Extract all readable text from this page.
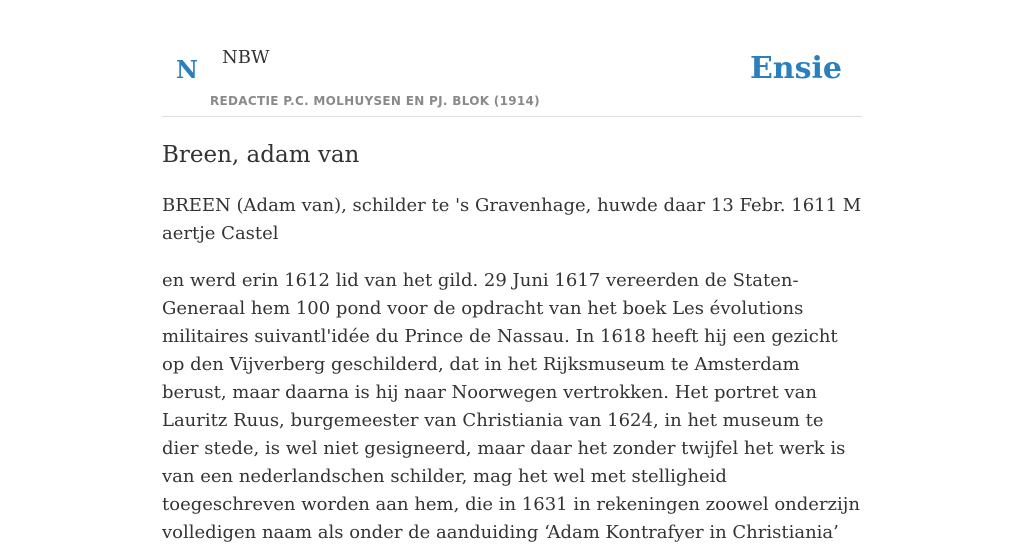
N NBW
REDACTIE P.C. MOLHUYSEN EN PJ. BLOK (1914)
Ensie
Breen, adam van

BREEN (Adam van), schilder te 's Gravenhage, huwde daar 13 Febr. 1611 M aertje Castel

en werd erin 1612 lid van het gild. 29 Juni 1617 vereerden de Staten-Generaal hem 100 pond voor de opdracht van het boek Les évolutions militaires suivantl'idée du Prince de Nassau. In 1618 heeft hij een gezicht op den Vijverberg geschilderd, dat in het Rijksmuseum te Amsterdam berust, maar daarna is hij naar Noorwegen vertrokken. Het portret van Lauritz Ruus, burgemeester van Christiania van 1624, in het museum te dier stede, is wel niet gesigneerd, maar daar het zonder twijfel het werk is van een nederlandschen schilder, mag het wel met stelligheid toegeschreven worden aan hem, die in 1631 in rekeningen zoowel onderzijn volledigen naam als onder de aanduiding ‘Adam Kontrafyer in Christiania’
